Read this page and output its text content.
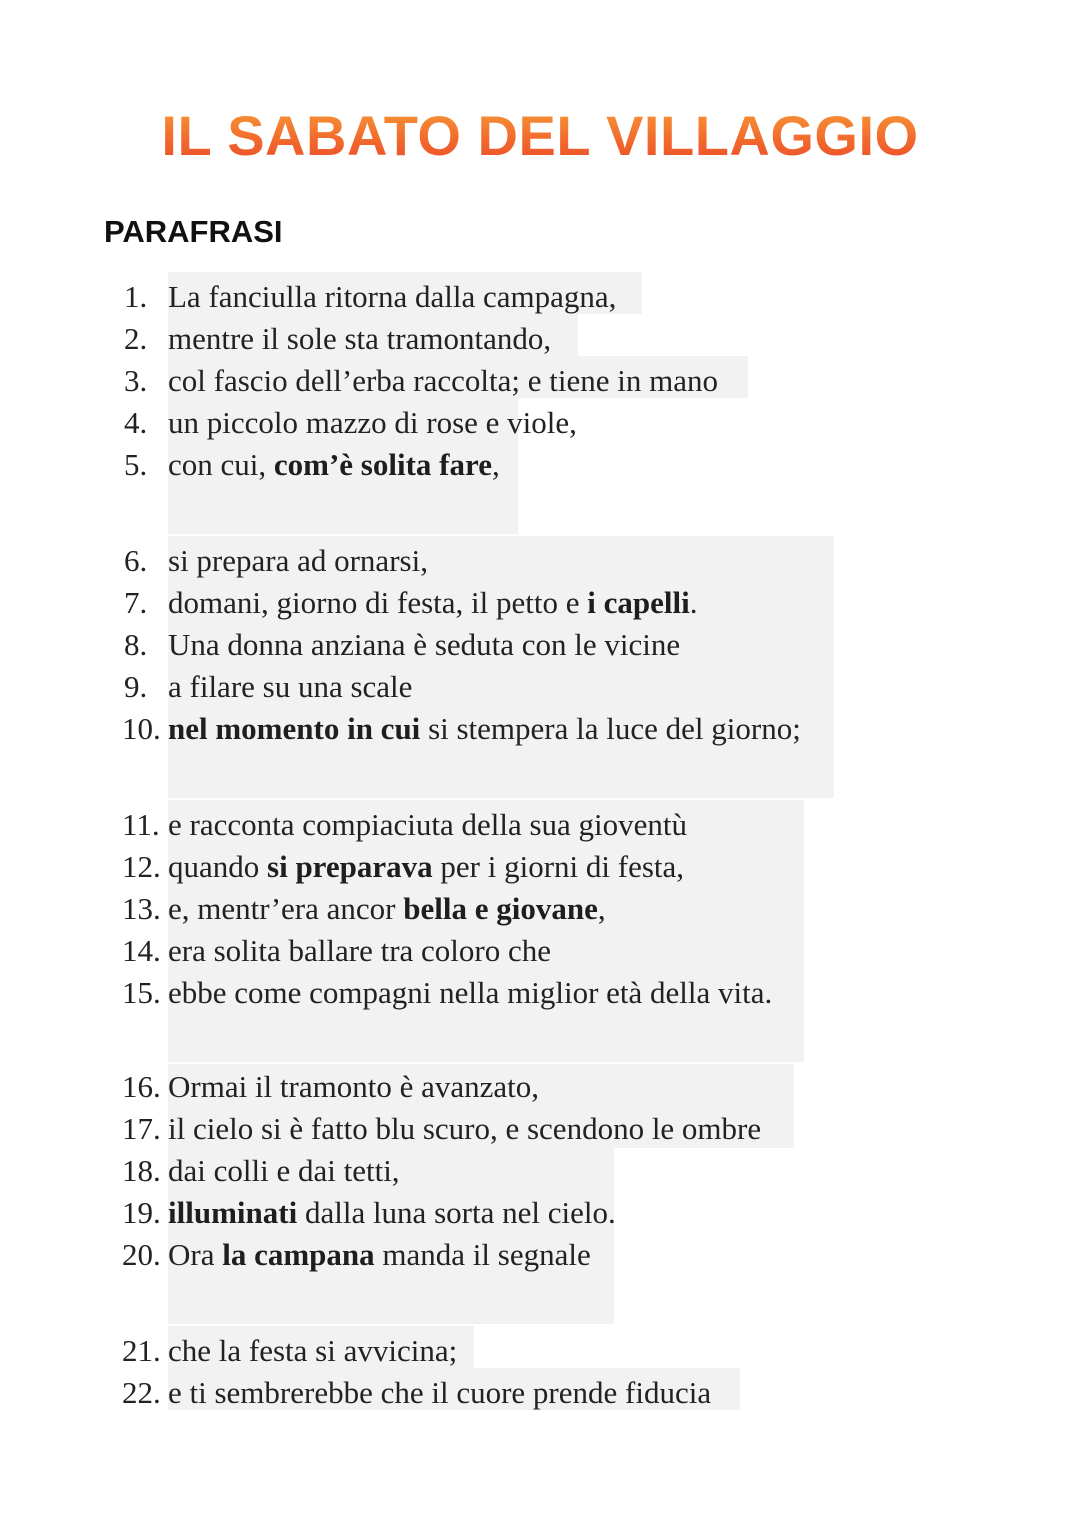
IL SABATO DEL VILLAGGIO
PARAFRASI
1. La fanciulla ritorna dalla campagna,
2. mentre il sole sta tramontando,
3. col fascio dell’erba raccolta; e tiene in mano
4. un piccolo mazzo di rose e viole,
5. con cui, com’è solita fare,
6. si prepara ad ornarsi,
7. domani, giorno di festa, il petto e i capelli.
8. Una donna anziana è seduta con le vicine
9. a filare su una scale
10. nel momento in cui si stempera la luce del giorno;
11. e racconta compiaciuta della sua gioventù
12. quando si preparava per i giorni di festa,
13. e, mentr’era ancor bella e giovane,
14. era solita ballare tra coloro che
15. ebbe come compagni nella miglior età della vita.
16. Ormai il tramonto è avanzato,
17. il cielo si è fatto blu scuro, e scendono le ombre
18. dai colli e dai tetti,
19. illuminati dalla luna sorta nel cielo.
20. Ora la campana manda il segnale
21. che la festa si avvicina;
22. e ti sembrerebbe che il cuore prende fiducia
